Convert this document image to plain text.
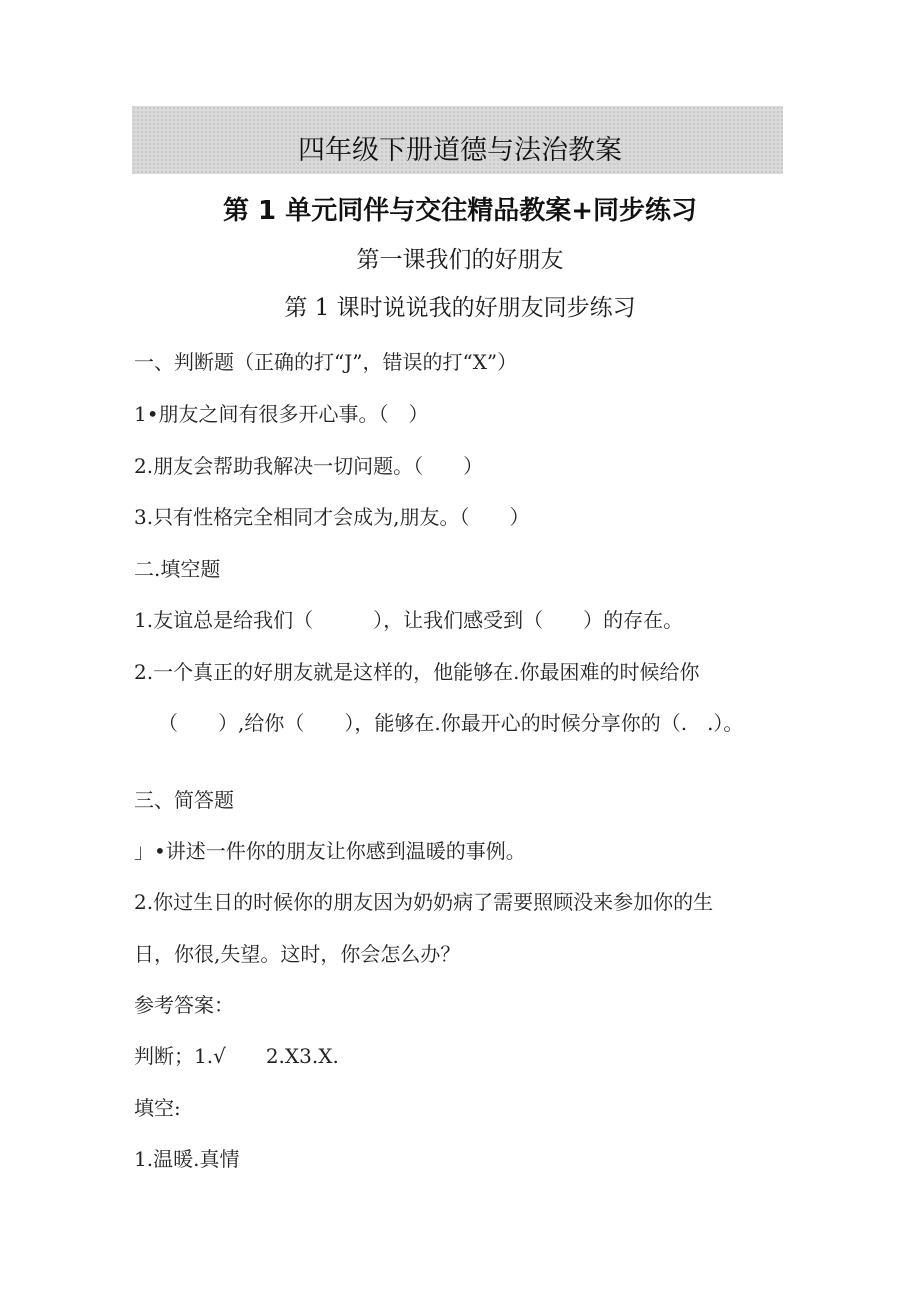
四年级下册道德与法治教案
第 1 单元同伴与交往精品教案+同步练习
第一课我们的好朋友
第 1 课时说说我的好朋友同步练习
一、判断题（正确的打“J”，错误的打“X”）
1•朋友之间有很多开心事。（　）
2.朋友会帮助我解决一切问题。（　　）
3.只有性格完全相同才会成为,朋友。（　　）
二.填空题
1.友谊总是给我们（　　　），让我们感受到（　　）的存在。
2.一个真正的好朋友就是这样的，他能够在.你最困难的时候给你
（　　）,给你（　　），能够在.你最开心的时候分享你的（.　.）。
三、简答题
」•讲述一件你的朋友让你感到温暖的事例。
2.你过生日的时候你的朋友因为奶奶病了需要照顾没来参加你的生
日，你很,失望。这时，你会怎么办？
参考答案：
判断；1.√　　2.X3.X.
填空:
1.温暖.真情
